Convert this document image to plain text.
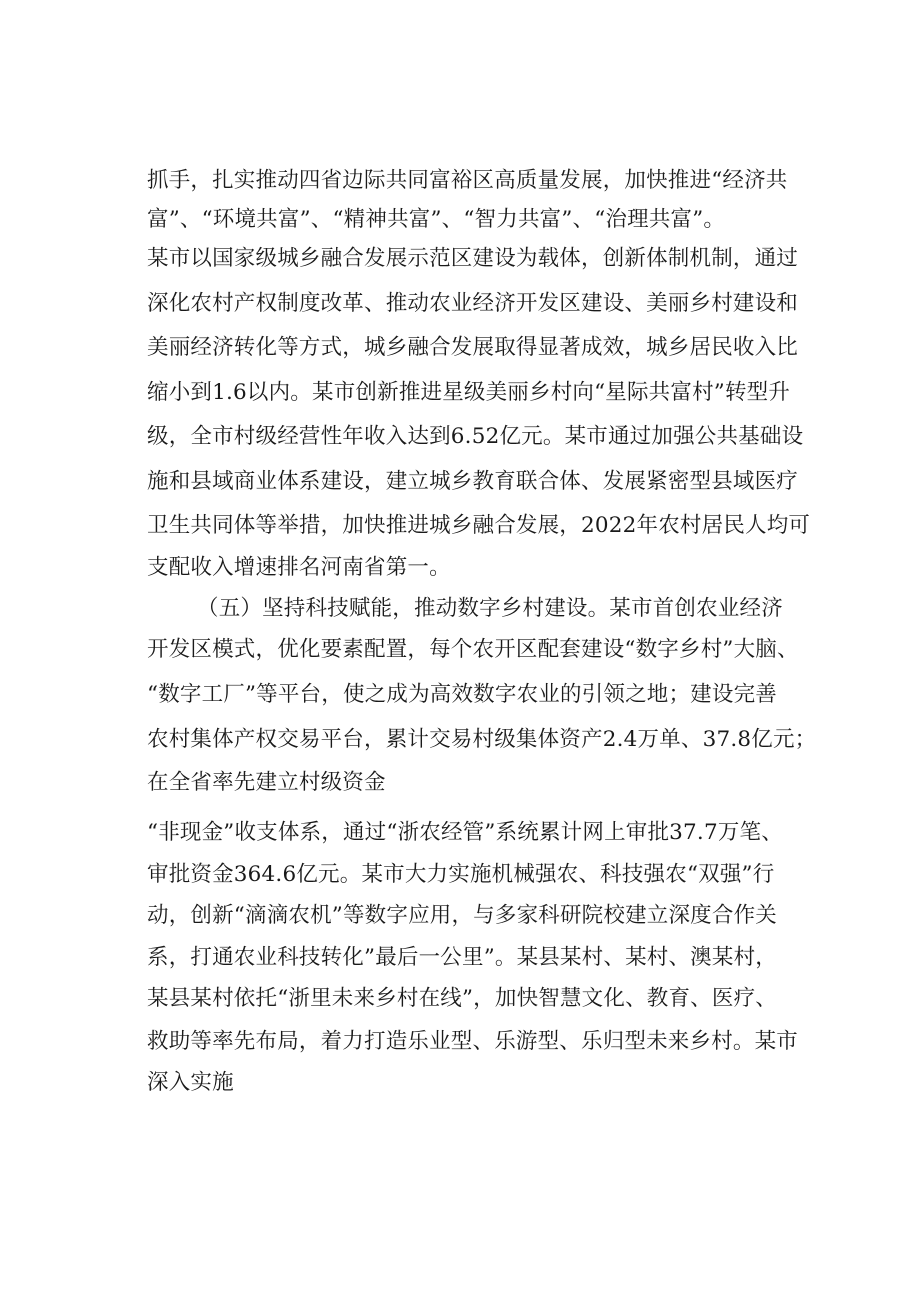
抓手，扎实推动四省边际共同富裕区高质量发展，加快推进“经济共
富”、“环境共富”、“精神共富”、“智力共富”、“治理共富”。
某市以国家级城乡融合发展示范区建设为载体，创新体制机制，通过
深化农村产权制度改革、推动农业经济开发区建设、美丽乡村建设和
美丽经济转化等方式，城乡融合发展取得显著成效，城乡居民收入比
缩小到1.6以内。某市创新推进星级美丽乡村向“星际共富村”转型升
级，全市村级经营性年收入达到6.52亿元。某市通过加强公共基础设
施和县域商业体系建设，建立城乡教育联合体、发展紧密型县域医疗
卫生共同体等举措，加快推进城乡融合发展，2022年农村居民人均可
支配收入增速排名河南省第一。
（五）坚持科技赋能，推动数字乡村建设。某市首创农业经济
开发区模式，优化要素配置，每个农开区配套建设“数字乡村”大脑、
“数字工厂”等平台，使之成为高效数字农业的引领之地；建设完善
农村集体产权交易平台，累计交易村级集体资产2.4万单、37.8亿元；
在全省率先建立村级资金
“非现金”收支体系，通过“浙农经管”系统累计网上审批37.7万笔、
审批资金364.6亿元。某市大力实施机械强农、科技强农“双强”行
动，创新“滴滴农机”等数字应用，与多家科研院校建立深度合作关
系，打通农业科技转化”最后一公里”。某县某村、某村、澳某村，
某县某村依托“浙里未来乡村在线”，加快智慧文化、教育、医疗、
救助等率先布局，着力打造乐业型、乐游型、乐归型未来乡村。某市
深入实施
